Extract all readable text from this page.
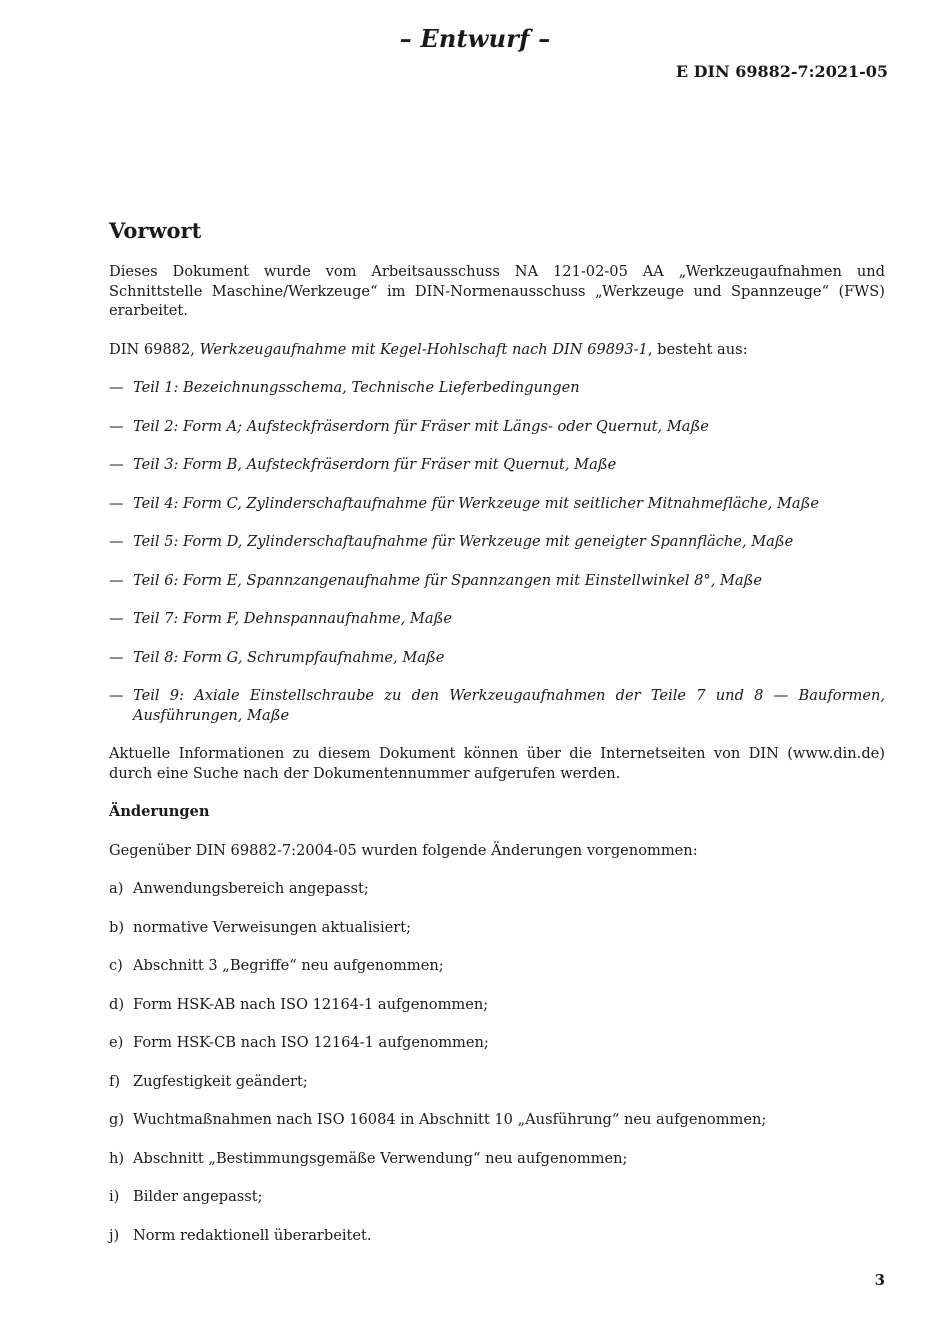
– Entwurf –
E DIN 69882-7:2021-05
Vorwort

Dieses Dokument wurde vom Arbeitsausschuss NA 121-02-05 AA „Werkzeugaufnahmen und Schnittstelle Maschine/Werkzeuge“ im DIN-Normenausschuss „Werkzeuge und Spannzeuge“ (FWS) erarbeitet.

DIN 69882, Werkzeugaufnahme mit Kegel-Hohlschaft nach DIN 69893-1, besteht aus:

— Teil 1: Bezeichnungsschema, Technische Lieferbedingungen
— Teil 2: Form A; Aufsteckfräserdorn für Fräser mit Längs- oder Quernut, Maße
— Teil 3: Form B, Aufsteckfräserdorn für Fräser mit Quernut, Maße
— Teil 4: Form C, Zylinderschaftaufnahme für Werkzeuge mit seitlicher Mitnahmefläche, Maße
— Teil 5: Form D, Zylinderschaftaufnahme für Werkzeuge mit geneigter Spannfläche, Maße
— Teil 6: Form E, Spannzangenaufnahme für Spannzangen mit Einstellwinkel 8°, Maße
— Teil 7: Form F, Dehnspannaufnahme, Maße
— Teil 8: Form G, Schrumpfaufnahme, Maße
— Teil 9: Axiale Einstellschraube zu den Werkzeugaufnahmen der Teile 7 und 8 — Bauformen, Ausführungen, Maße

Aktuelle Informationen zu diesem Dokument können über die Internetseiten von DIN (www.din.de) durch eine Suche nach der Dokumentennummer aufgerufen werden.

Änderungen

Gegenüber DIN 69882-7:2004-05 wurden folgende Änderungen vorgenommen:

a) Anwendungsbereich angepasst;
b) normative Verweisungen aktualisiert;
c) Abschnitt 3 „Begriffe“ neu aufgenommen;
d) Form HSK-AB nach ISO 12164-1 aufgenommen;
e) Form HSK-CB nach ISO 12164-1 aufgenommen;
f) Zugfestigkeit geändert;
g) Wuchtmaßnahmen nach ISO 16084 in Abschnitt 10 „Ausführung“ neu aufgenommen;
h) Abschnitt „Bestimmungsgemäße Verwendung“ neu aufgenommen;
i) Bilder angepasst;
j) Norm redaktionell überarbeitet.
3
